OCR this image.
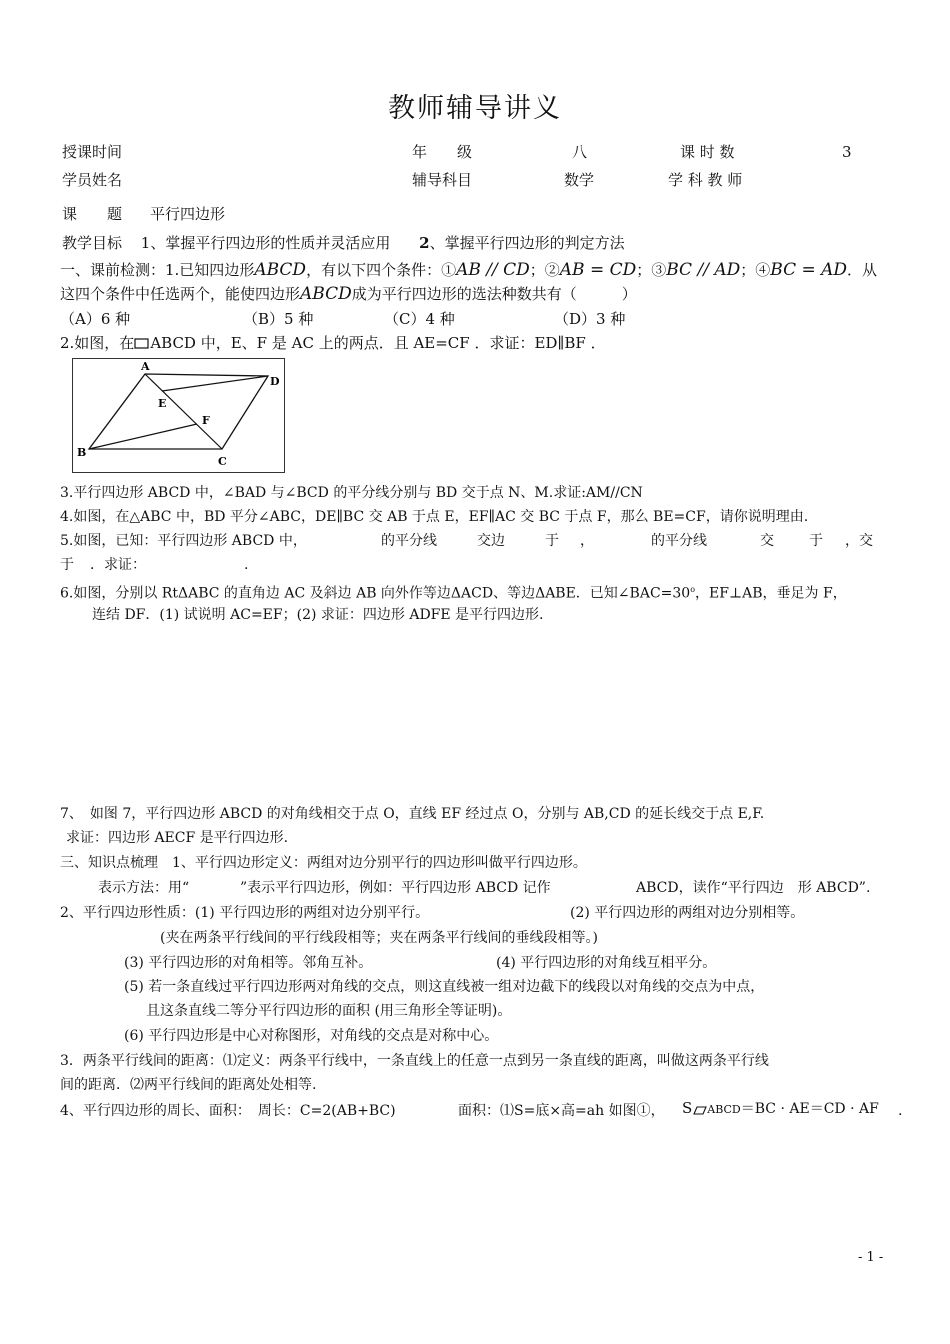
教师辅导讲义
授课时间	年　　级	八	课 时 数	3
学员姓名	辅导科目	数学	学 科 教 师
课　　题 平行四边形
教学目标 1、掌握平行四边形的性质并灵活应用 2、掌握平行四边形的判定方法
一、课前检测：1.已知四边形ABCD，有以下四个条件：①AB // CD；②AB = CD；③BC // AD；④BC = AD．从
这四个条件中任选两个，能使四边形ABCD成为平行四边形的选法种数共有（　　　）
（A）6 种	（B）5 种	（C）4 种	（D）3 种
2.如图，在 ABCD 中，E、F 是 AC 上的两点．且 AE=CF ．求证：ED∥BF ．
A
D
C
B
E
F
3.平行四边形 ABCD 中，∠BAD 与∠BCD 的平分线分别与 BD 交于点 N、M.求证:AM//CN
4.如图，在△ABC 中，BD 平分∠ABC，DE∥BC 交 AB 于点 E，EF∥AC 交 BC 于点 F，那么 BE=CF，请你说明理由.
5.如图，已知：平行四边形 ABCD 中，	的平分线	交边	于 ，	的平分线	交	于 ，交
于 ．求证：	.
6.如图，分别以 RtΔABC 的直角边 AC 及斜边 AB 向外作等边ΔACD、等边ΔABE．已知$\angle BAC=30^o$，EF⊥AB，垂足为 F，
连结 DF．(1) 试说明 AC=EF；(2) 求证：四边形 ADFE 是平行四边形.
7、　如图 7，平行四边形 ABCD 的对角线相交于点 O，直线 EF 经过点 O，分别与 AB,CD 的延长线交于点 E,F.
求证：四边形 AECF 是平行四边形.
三、知识点梳理　1、平行四边形定义：两组对边分别平行的四边形叫做平行四边形。
表示方法：用“	”表示平行四边形，例如：平行四边形 ABCD 记作	ABCD，读作“平行四边　形 ABCD”.
2、平行四边形性质：(1) 平行四边形的两组对边分别平行。	(2) 平行四边形的两组对边分别相等。
(夹在两条平行线间的平行线段相等；夹在两条平行线间的垂线段相等。)
(3) 平行四边形的对角相等。邻角互补。	(4) 平行四边形的对角线互相平分。
(5) 若一条直线过平行四边形两对角线的交点，则这直线被一组对边截下的线段以对角线的交点为中点，
且这条直线二等分平行四边形的面积 (用三角形全等证明)。
(6) 平行四边形是中心对称图形，对角线的交点是对称中心。
3．两条平行线间的距离：⑴定义：两条平行线中，一条直线上的任意一点到另一条直线的距离，叫做这两条平行线
间的距离．⑵两平行线间的距离处处相等.
4、平行四边形的周长、面积：　周长：C=2(AB+BC)	面积：⑴S=底×高=ah 如图①， S ABCD＝BC · AE＝CD · AF .
- 1 -
